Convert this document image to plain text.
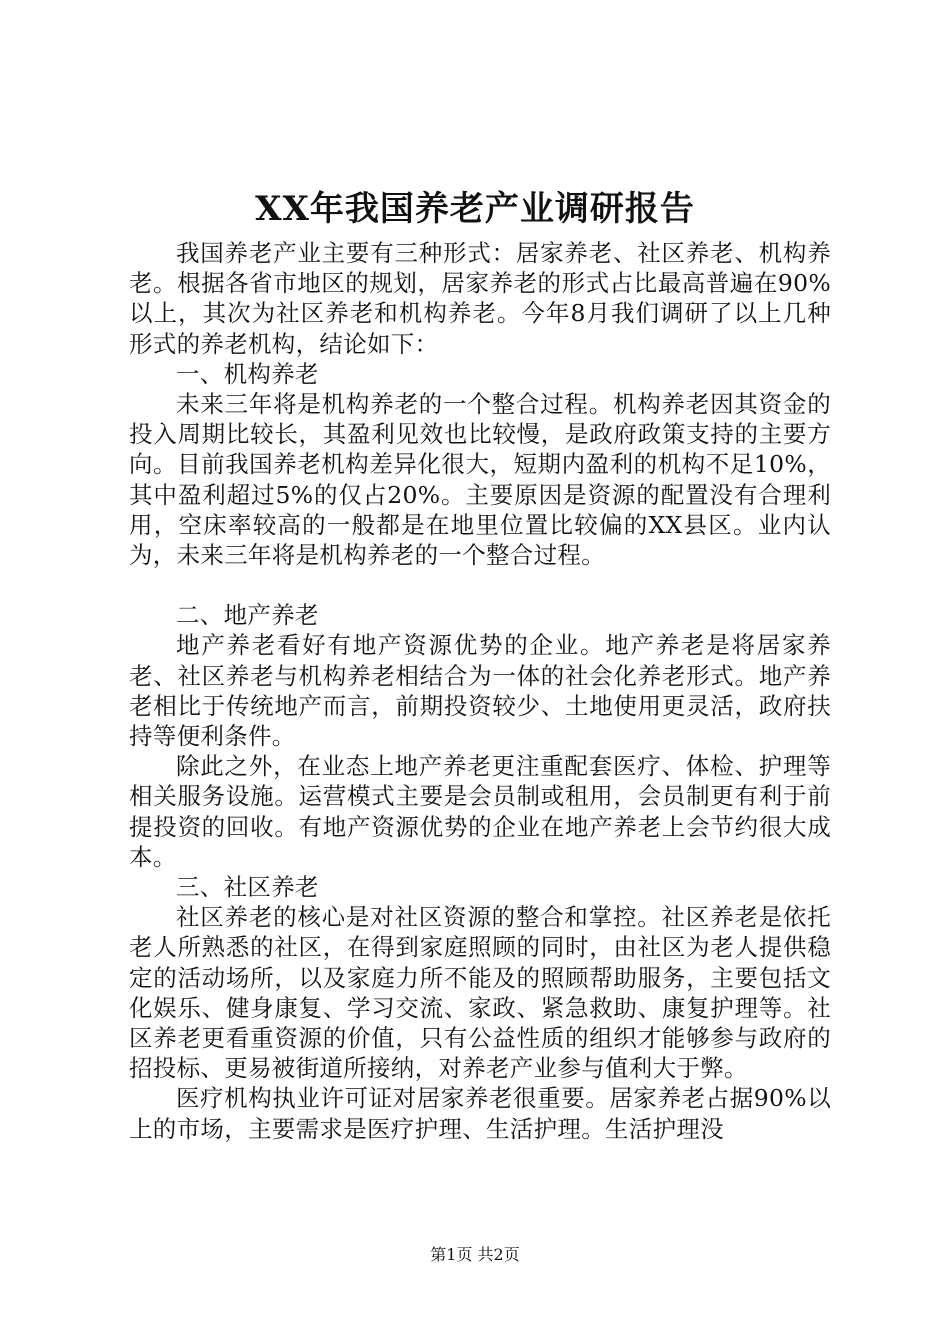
XX年我国养老产业调研报告

我国养老产业主要有三种形式：居家养老、社区养老、机构养老。根据各省市地区的规划，居家养老的形式占比最高普遍在90%以上，其次为社区养老和机构养老。今年8月我们调研了以上几种形式的养老机构，结论如下：

一、机构养老

未来三年将是机构养老的一个整合过程。机构养老因其资金的投入周期比较长，其盈利见效也比较慢，是政府政策支持的主要方向。目前我国养老机构差异化很大，短期内盈利的机构不足10%，其中盈利超过5%的仅占20%。主要原因是资源的配置没有合理利用，空床率较高的一般都是在地里位置比较偏的XX县区。业内认为，未来三年将是机构养老的一个整合过程。

二、地产养老

地产养老看好有地产资源优势的企业。地产养老是将居家养老、社区养老与机构养老相结合为一体的社会化养老形式。地产养老相比于传统地产而言，前期投资较少、土地使用更灵活，政府扶持等便利条件。

除此之外，在业态上地产养老更注重配套医疗、体检、护理等相关服务设施。运营模式主要是会员制或租用，会员制更有利于前提投资的回收。有地产资源优势的企业在地产养老上会节约很大成本。

三、社区养老

社区养老的核心是对社区资源的整合和掌控。社区养老是依托老人所熟悉的社区，在得到家庭照顾的同时，由社区为老人提供稳定的活动场所，以及家庭力所不能及的照顾帮助服务，主要包括文化娱乐、健身康复、学习交流、家政、紧急救助、康复护理等。社区养老更看重资源的价值，只有公益性质的组织才能够参与政府的招投标、更易被街道所接纳，对养老产业参与值利大于弊。

医疗机构执业许可证对居家养老很重要。居家养老占据90%以上的市场，主要需求是医疗护理、生活护理。生活护理没

第1页 共2页
